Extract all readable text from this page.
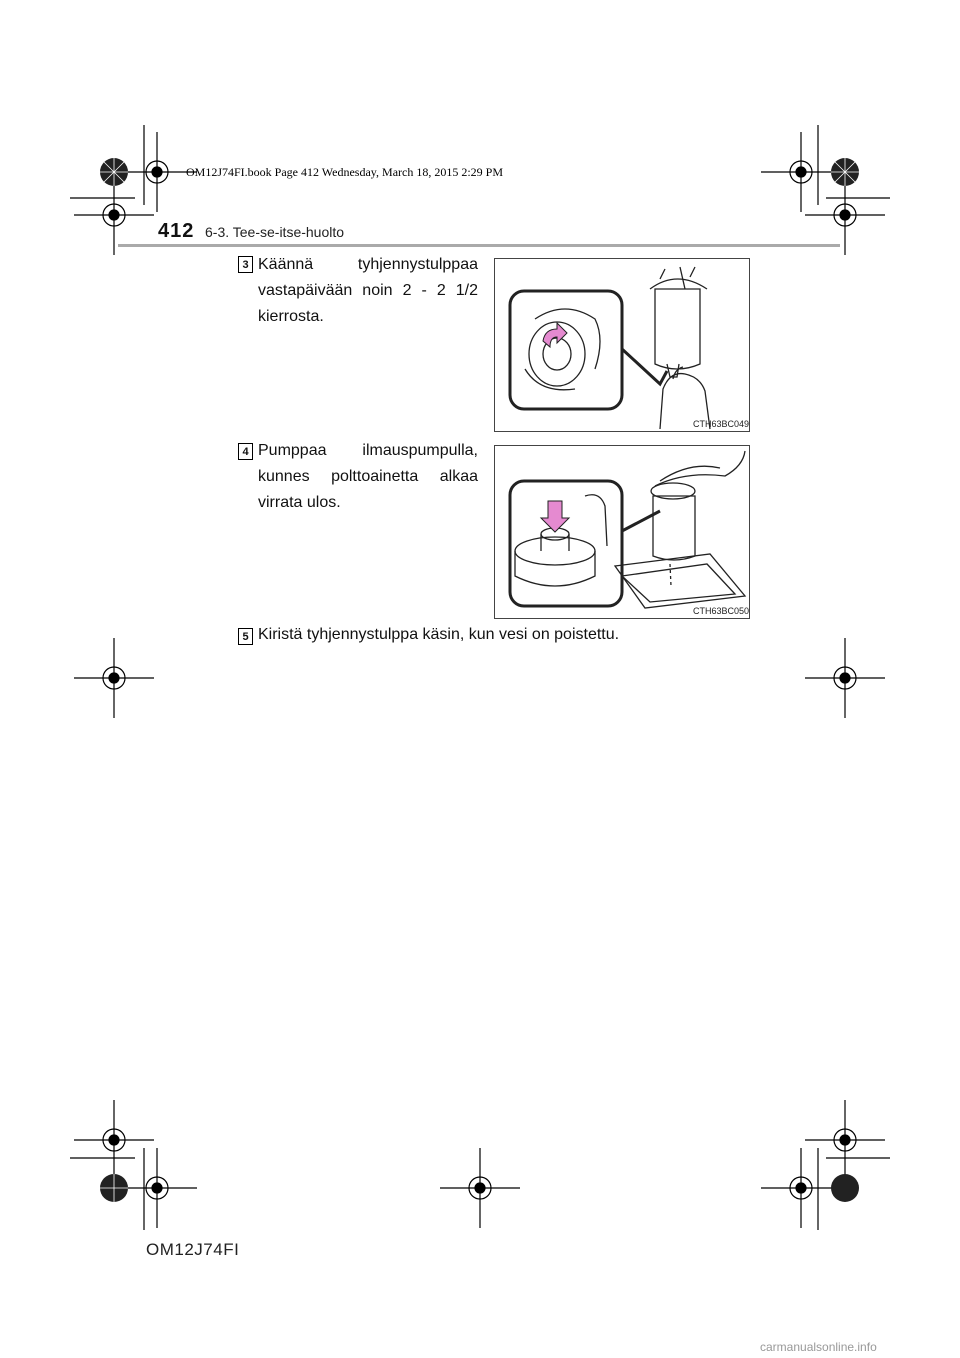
OM12J74FI.book Page 412 Wednesday, March 18, 2015 2:29 PM
412 6-3. Tee-se-itse-huolto
3 Käännä tyhjennystulppaa vastapäivään noin 2 - 2 1/2 kierrosta.
CTH63BC049
4 Pumppaa ilmauspumpulla, kunnes polttoainetta alkaa virrata ulos.
CTH63BC050
5 Kiristä tyhjennystulppa käsin, kun vesi on poistettu.
OM12J74FI
carmanualsonline.info
